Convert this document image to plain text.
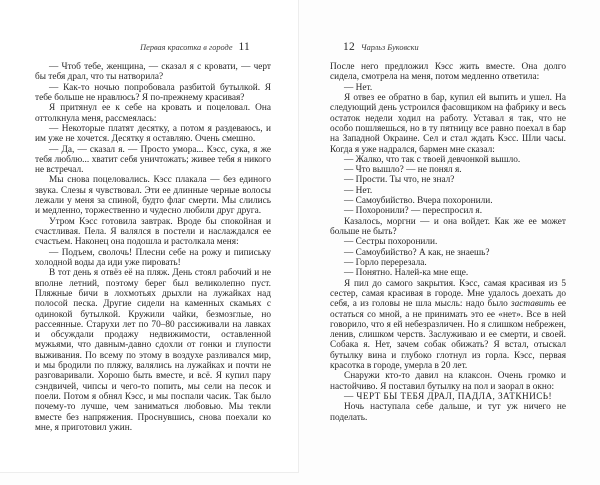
Первая красотка в городе 11	12 Чарльз Буковски
— Чтоб тебе, женщина, — сказал я с кровати, — черт бы тебя драл, что ты натворила?
— Как-то ночью попробовала разбитой бутылкой. Я тебе больше не нравлюсь? Я по-прежнему красивая?
Я притянул ее к себе на кровать и поцеловал. Она оттолкнула меня, рассмеялась:
— Некоторые платят десятку, а потом я раздеваюсь, и им уже не хочется. Десятку я оставляю. Очень смешно.
— Да, — сказал я. — Просто умора... Кэсс, сука, я же тебя люблю... хватит себя уничтожать; живее тебя я никого не встречал.
Мы снова поцеловались. Кэсс плакала — без единого звука. Слезы я чувствовал. Эти ее длинные черные волосы лежали у меня за спиной, будто флаг смерти. Мы слились и медленно, торжественно и чудесно любили друг друга.
Утром Кэсс готовила завтрак. Вроде бы спокойная и счастливая. Пела. Я валялся в постели и наслаждался ее счастьем. Наконец она подошла и растолкала меня:
— Подъем, сволочь! Плесни себе на рожу и пипиську холодной воды да иди уже пировать!
В тот день я отвёз её на пляж. День стоял рабочий и не вполне летний, поэтому берег был великолепно пуст. Пляжные бичи в лохмотьях дрыхли на лужайках над полосой песка. Другие сидели на каменных скамьях с одинокой бутылкой. Кружили чайки, безмозглые, но рассеянные. Старухи лет по 70–80 рассиживали на лавках и обсуждали продажу недвижимости, оставленной мужьями, что давным-давно сдохли от гонки и глупости выживания. По всему по этому в воздухе разливался мир, и мы бродили по пляжу, валялись на лужайках и почти не разговаривали. Хорошо быть вместе, и всё. Я купил пару сэндвичей, чипсы и чего-то попить, мы сели на песок и поели. Потом я обнял Кэсс, и мы поспали часик. Так было почему-то лучше, чем заниматься любовью. Мы текли вместе без напряжения. Проснувшись, снова поехали ко мне, я приготовил ужин.
После него предложил Кэсс жить вместе. Она долго сидела, смотрела на меня, потом медленно ответила:
— Нет.
Я отвез ее обратно в бар, купил ей выпить и ушел. На следующий день устроился фасовщиком на фабрику и весь остаток недели ходил на работу. Уставал я так, что не особо пошляешься, но в ту пятницу все равно поехал в бар на Западной Окраине. Сел и стал ждать Кэсс. Шли часы. Когда я уже надрался, бармен мне сказал:
— Жалко, что так с твоей девчонкой вышло.
— Что вышло? — не понял я.
— Прости. Ты что, не знал?
— Нет.
— Самоубийство. Вчера похоронили.
— Похоронили? — переспросил я.
Казалось, моргни — и она войдет. Как же ее может больше не быть?
— Сестры похоронили.
— Самоубийство? А как, не знаешь?
— Горло перерезала.
— Понятно. Налей-ка мне еще.
Я пил до самого закрытия. Кэсс, самая красивая из 5 сестер, самая красивая в городе. Мне удалось доехать до себя, а из головы не шла мысль: надо было заставить ее остаться со мной, а не принимать это ее «нет». Все в ней говорило, что я ей небезразличен. Но я слишком небрежен, ленив, слишком черств. Заслуживаю и ее смерти, и своей. Собака я. Нет, зачем собак обижать? Я встал, отыскал бутылку вина и глубоко глотнул из горла. Кэсс, первая красотка в городе, умерла в 20 лет.
Снаружи кто-то давил на клаксон. Очень громко и настойчиво. Я поставил бутылку на пол и заорал в окно:
— ЧЕРТ БЫ ТЕБЯ ДРАЛ, ПАДЛА, ЗАТКНИСЬ!
Ночь наступала себе дальше, и тут уж ничего не поделать.
